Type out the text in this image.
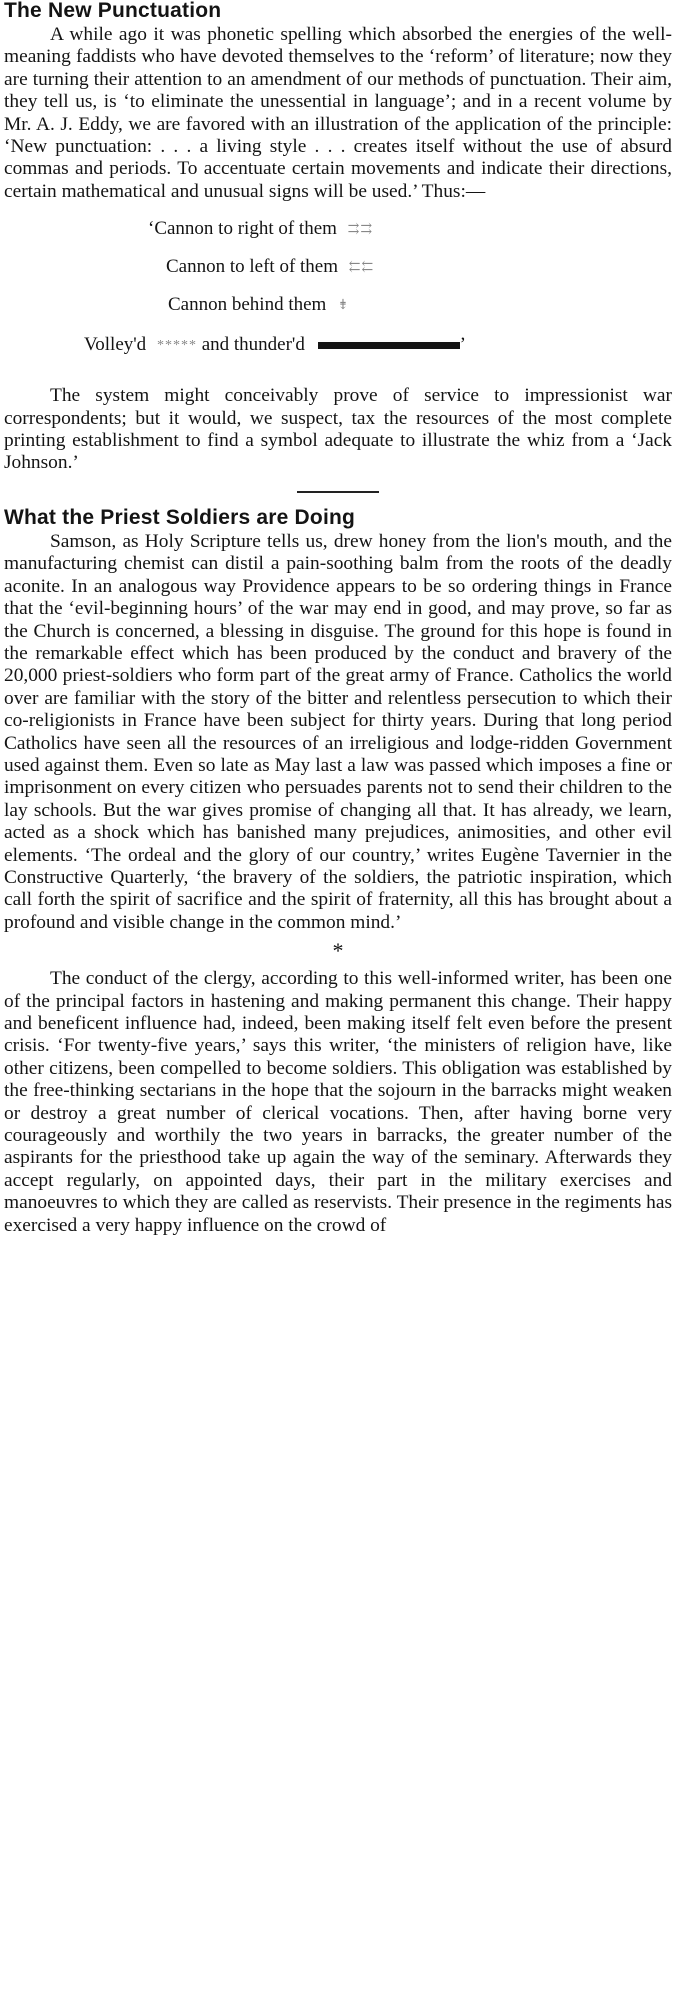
The New Punctuation

A while ago it was phonetic spelling which absorbed the energies of the well-meaning faddists who have devoted themselves to the ‘reform’ of literature; now they are turning their attention to an amendment of our methods of punctuation. Their aim, they tell us, is ‘to eliminate the unessential in language’; and in a recent volume by Mr. A. J. Eddy, we are favored with an illustration of the application of the principle: ‘New punctuation: . . . a living style . . . creates itself without the use of absurd commas and periods. To accentuate certain movements and indicate their directions, certain mathematical and unusual signs will be used.’ Thus:—

‘Cannon to right of them ⇉⇉
Cannon to left of them ⇇⇇
Cannon behind them ⇟
Volley'd ***** and thunder'd	’

The system might conceivably prove of service to impressionist war correspondents; but it would, we suspect, tax the resources of the most complete printing establishment to find a symbol adequate to illustrate the whiz from a ‘Jack Johnson.’

What the Priest Soldiers are Doing

Samson, as Holy Scripture tells us, drew honey from the lion's mouth, and the manufacturing chemist can distil a pain-soothing balm from the roots of the deadly aconite. In an analogous way Providence appears to be so ordering things in France that the ‘evil-beginning hours’ of the war may end in good, and may prove, so far as the Church is concerned, a blessing in disguise. The ground for this hope is found in the remarkable effect which has been produced by the conduct and bravery of the 20,000 priest-soldiers who form part of the great army of France. Catholics the world over are familiar with the story of the bitter and relentless persecution to which their co-religionists in France have been subject for thirty years. During that long period Catholics have seen all the resources of an irreligious and lodge-ridden Government used against them. Even so late as May last a law was passed which imposes a fine or imprisonment on every citizen who persuades parents not to send their children to the lay schools. But the war gives promise of changing all that. It has already, we learn, acted as a shock which has banished many prejudices, animosities, and other evil elements. ‘The ordeal and the glory of our country,’ writes Eugène Tavernier in the Constructive Quarterly, ‘the bravery of the soldiers, the patriotic inspiration, which call forth the spirit of sacrifice and the spirit of fraternity, all this has brought about a profound and visible change in the common mind.’

*

The conduct of the clergy, according to this well-informed writer, has been one of the principal factors in hastening and making permanent this change. Their happy and beneficent influence had, indeed, been making itself felt even before the present crisis. ‘For twenty-five years,’ says this writer, ‘the ministers of religion have, like other citizens, been compelled to become soldiers. This obligation was established by the free-thinking sectarians in the hope that the sojourn in the barracks might weaken or destroy a great number of clerical vocations. Then, after having borne very courageously and worthily the two years in barracks, the greater number of the aspirants for the priesthood take up again the way of the seminary. Afterwards they accept regularly, on appointed days, their part in the military exercises and manoeuvres to which they are called as reservists. Their presence in the regiments has exercised a very happy influence on the crowd of
